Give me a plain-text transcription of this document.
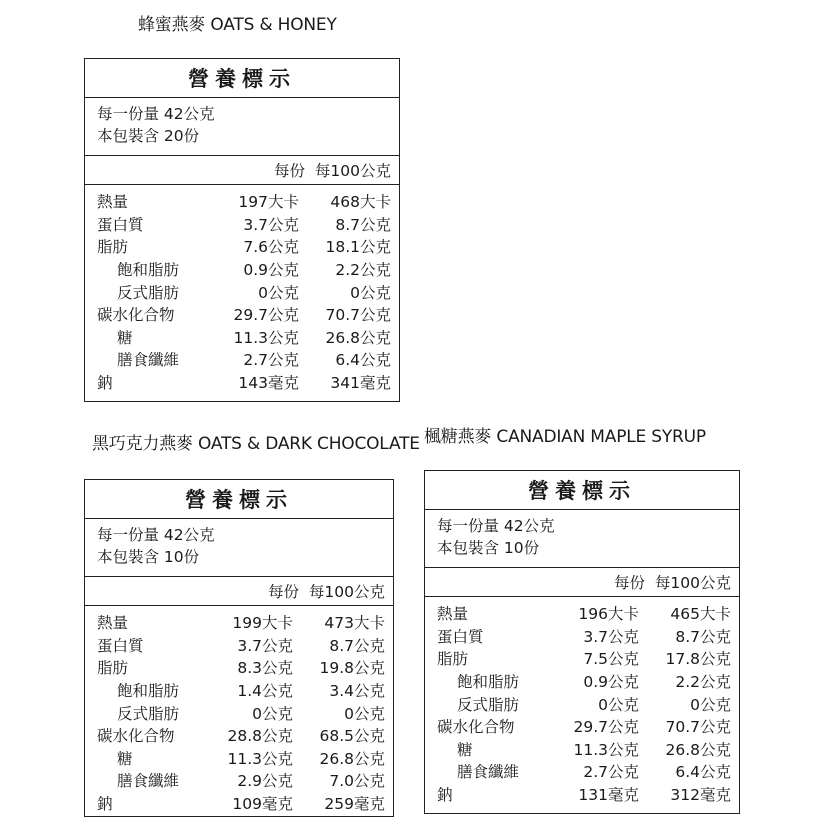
蜂蜜燕麥 OATS & HONEY
黑巧克力燕麥 OATS & DARK CHOCOLATE 楓糖燕麥 CANADIAN MAPLE SYRUP
營養標示
每一份量 42公克
本包裝含 20份
每份 每100公克
熱量	197大卡	468大卡
蛋白質	3.7公克	8.7公克
脂肪	7.6公克	18.1公克
飽和脂肪	0.9公克	2.2公克
反式脂肪	0公克	0公克
碳水化合物	29.7公克	70.7公克
糖	11.3公克	26.8公克
膳食纖維	2.7公克	6.4公克
鈉	143毫克	341毫克
營養標示
每一份量 42公克
本包裝含 10份
每份 每100公克
熱量	199大卡	473大卡
蛋白質	3.7公克	8.7公克
脂肪	8.3公克	19.8公克
飽和脂肪	1.4公克	3.4公克
反式脂肪	0公克	0公克
碳水化合物	28.8公克	68.5公克
糖	11.3公克	26.8公克
膳食纖維	2.9公克	7.0公克
鈉	109毫克	259毫克
營養標示
每一份量 42公克
本包裝含 10份
每份 每100公克
熱量	196大卡	465大卡
蛋白質	3.7公克	8.7公克
脂肪	7.5公克	17.8公克
飽和脂肪	0.9公克	2.2公克
反式脂肪	0公克	0公克
碳水化合物	29.7公克	70.7公克
糖	11.3公克	26.8公克
膳食纖維	2.7公克	6.4公克
鈉	131毫克	312毫克
